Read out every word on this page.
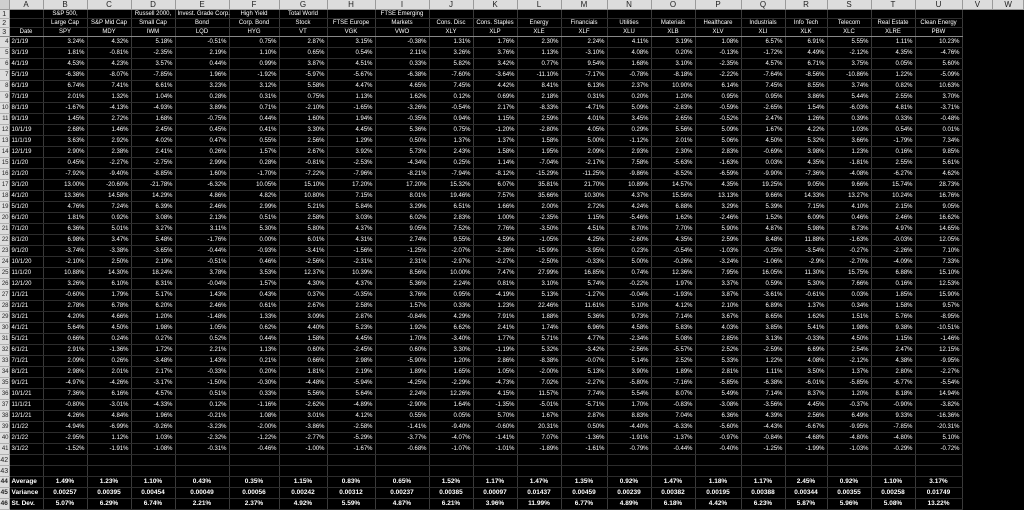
	A	B	C	D	E	F	G	H	I	J	K	L	M	N	O	P	Q	R	S	T	U	V	W
1		S&P 500,		Russell 2000,	Invest. Grade Corp.	High Yield	Total World		FTSE Emerging														
2		Large Cap	S&P Mid Cap	Small Cap	Bond	Corp. Bond	Stock	FTSE Europe	Markets	Cons. Disc	Cons. Staples	Energy	Financials	Utilities	Materials	Healthcare	Industrials	Info Tech	Telecom	Real Estate	Clean Energy		
3	Date	SPY	MDY	IWM	LQD	HYG	VT	VGK	VWO	XLY	XLP	XLE	XLF	XLU	XLB	XLV	XLI	XLK	XLC	XLRE	PBW		
4	2/1/19	3.24%	4.32%	5.18%	-0.51%	0.75%	2.87%	3.15%	-0.38%	1.31%	1.76%	2.30%	2.24%	4.11%	3.19%	1.08%	6.57%	6.91%	5.55%	1.11%	10.23%		
5	3/1/19	1.81%	-0.81%	-2.35%	2.19%	1.10%	0.65%	0.54%	2.11%	3.26%	3.76%	1.13%	-3.10%	4.08%	0.20%	-0.13%	-1.72%	4.49%	-2.12%	4.35%	-4.76%		
6	4/1/19	4.53%	4.23%	3.57%	0.44%	0.99%	3.87%	4.51%	0.33%	5.82%	3.42%	0.77%	9.54%	1.68%	3.10%	-2.35%	4.57%	6.71%	3.75%	0.05%	5.60%		
7	5/1/19	-6.38%	-8.07%	-7.85%	1.96%	-1.92%	-5.97%	-5.67%	-6.38%	-7.60%	-3.64%	-11.10%	-7.17%	-0.78%	-8.18%	-2.22%	-7.64%	-8.56%	-10.86%	1.22%	-5.09%		
8	6/1/19	6.74%	7.41%	6.61%	3.23%	3.12%	5.58%	4.47%	4.65%	7.45%	4.42%	8.41%	6.13%	2.37%	10.90%	6.14%	7.45%	8.55%	3.74%	0.82%	10.63%		
9	7/1/19	2.01%	1.32%	1.04%	0.28%	0.31%	0.75%	1.13%	1.62%	0.12%	0.69%	2.18%	0.31%	0.20%	1.20%	0.95%	0.95%	3.86%	5.44%	2.55%	3.70%		
10	8/1/19	-1.67%	-4.13%	-4.93%	3.89%	0.71%	-2.10%	-1.65%	-3.26%	-0.54%	2.17%	-8.33%	-4.71%	5.09%	-2.83%	-0.59%	-2.65%	1.54%	-6.03%	4.81%	-3.71%		
11	9/1/19	1.45%	2.72%	1.68%	-0.75%	0.44%	1.60%	1.94%	-0.35%	0.94%	1.15%	2.59%	4.01%	3.45%	2.65%	-0.52%	2.47%	1.26%	0.39%	0.33%	-0.48%		
12	10/1/19	2.68%	1.46%	2.45%	0.45%	0.41%	3.30%	4.45%	5.36%	0.75%	-1.20%	-2.80%	4.05%	0.29%	5.56%	5.09%	1.67%	4.22%	1.03%	0.54%	0.01%		
13	11/1/19	3.63%	2.92%	4.02%	0.47%	0.55%	2.56%	1.29%	0.50%	1.37%	1.37%	1.58%	5.00%	-1.12%	2.01%	5.06%	4.50%	5.32%	3.66%	-1.79%	7.34%		
14	12/1/19	2.90%	2.38%	2.41%	0.26%	1.57%	2.67%	3.92%	5.73%	2.43%	1.58%	1.95%	2.09%	2.93%	2.30%	2.83%	-0.69%	3.98%	1.23%	0.16%	9.85%		
15	1/1/20	0.45%	-2.27%	-2.75%	2.99%	0.28%	-0.81%	-2.53%	-4.34%	0.25%	1.14%	-7.04%	-2.17%	7.58%	-5.63%	-1.63%	0.03%	4.35%	-1.81%	2.55%	5.61%		
16	2/1/20	-7.92%	-9.40%	-8.85%	1.60%	-1.70%	-7.22%	-7.96%	-8.21%	-7.94%	-8.12%	-15.29%	-11.25%	-9.86%	-8.52%	-6.59%	-9.90%	-7.36%	-4.08%	-6.27%	4.62%		
17	3/1/20	13.00%	-20.60%	-21.78%	-6.32%	10.05%	15.10%	17.20%	17.20%	15.32%	6.07%	35.81%	21.70%	10.89%	14.57%	4.35%	19.25%	9.05%	9.66%	15.74%	28.73%		
18	4/1/20	13.36%	14.58%	14.29%	4.86%	4.82%	10.80%	7.15%	8.01%	19.46%	7.57%	35.66%	10.30%	4.37%	15.56%	13.13%	9.66%	14.33%	13.27%	10.24%	16.76%		
19	5/1/20	4.76%	7.24%	6.39%	2.46%	2.99%	5.21%	5.84%	3.29%	6.51%	1.66%	2.00%	2.72%	4.24%	6.88%	3.29%	5.39%	7.15%	4.10%	2.15%	9.05%		
20	6/1/20	1.81%	0.92%	3.08%	2.13%	0.51%	2.58%	3.03%	6.02%	2.83%	1.00%	-2.35%	1.15%	-5.46%	1.62%	-2.46%	1.52%	6.09%	0.46%	2.46%	16.62%		
21	7/1/20	6.36%	5.01%	3.27%	3.11%	5.30%	5.80%	4.37%	9.05%	7.52%	7.76%	-3.50%	4.51%	8.70%	7.70%	5.90%	4.87%	5.98%	8.73%	4.97%	14.65%		
22	8/1/20	6.98%	3.47%	5.48%	-1.76%	0.00%	6.01%	4.31%	2.74%	9.55%	4.59%	-1.05%	4.25%	-2.60%	4.35%	2.59%	8.48%	11.88%	-1.63%	-0.03%	12.05%		
23	9/1/20	-3.74%	-3.38%	-3.65%	-0.44%	-0.93%	-3.41%	-1.56%	-1.25%	-2.07%	-2.26%	-15.99%	-3.95%	0.23%	-0.54%	-1.03%	-0.25%	-3.54%	-0.27%	-2.26%	7.10%		
24	10/1/20	-2.10%	2.50%	2.19%	-0.51%	0.46%	-2.56%	-2.31%	2.31%	-2.97%	-2.27%	-2.50%	-0.33%	5.00%	-0.26%	-3.24%	-1.06%	-2.9%	-2.70%	-4.09%	7.33%		
25	11/1/20	10.88%	14.30%	18.24%	3.78%	3.53%	12.37%	10.39%	8.56%	10.00%	7.47%	27.99%	16.85%	0.74%	12.36%	7.95%	16.05%	11.30%	15.75%	6.88%	15.10%		
26	12/1/20	3.26%	6.10%	8.31%	-0.04%	1.57%	4.30%	4.37%	5.36%	2.24%	0.81%	3.10%	5.74%	-0.22%	1.97%	3.37%	0.59%	5.30%	7.66%	0.16%	12.53%		
27	1/1/21	-0.60%	1.79%	5.17%	1.43%	0.43%	0.37%	-0.35%	3.76%	0.95%	-4.19%	5.13%	-1.27%	-0.04%	-1.93%	3.87%	-3.61%	-0.61%	0.03%	1.85%	15.90%		
28	2/1/21	2.78%	6.78%	6.20%	2.46%	0.61%	2.67%	2.58%	1.57%	0.33%	1.23%	22.46%	11.61%	5.10%	4.12%	2.10%	6.89%	1.37%	0.34%	1.58%	9.57%		
29	3/1/21	4.20%	4.66%	1.20%	-1.48%	1.33%	3.09%	2.87%	-0.84%	4.29%	7.91%	1.88%	5.36%	9.73%	7.14%	3.67%	8.65%	1.62%	1.51%	5.76%	-8.95%		
30	4/1/21	5.64%	4.50%	1.98%	1.05%	0.62%	4.40%	5.23%	1.92%	6.62%	2.41%	1.74%	6.96%	4.58%	5.83%	4.03%	3.85%	5.41%	1.98%	9.38%	-10.51%		
31	5/1/21	0.66%	0.24%	0.27%	0.52%	0.44%	1.58%	4.45%	1.70%	-3.40%	1.77%	5.71%	4.77%	-2.34%	5.08%	2.85%	3.13%	-0.33%	4.50%	1.15%	-1.46%		
32	6/1/21	2.91%	-1.36%	1.72%	2.21%	1.13%	0.60%	-2.45%	0.60%	3.30%	-1.19%	5.32%	-3.42%	-2.56%	-5.57%	2.52%	-2.59%	6.69%	2.54%	2.47%	12.15%		
33	7/1/21	2.09%	0.26%	-3.48%	1.43%	0.21%	0.66%	2.98%	-5.90%	1.20%	2.86%	-8.38%	-0.07%	5.14%	2.52%	5.33%	1.22%	4.08%	-2.12%	4.38%	-9.95%		
34	8/1/21	2.98%	2.01%	2.17%	-0.33%	0.20%	1.81%	2.19%	1.89%	1.65%	1.05%	-2.00%	5.13%	3.90%	1.89%	2.81%	1.11%	3.50%	1.37%	2.80%	-2.27%		
35	9/1/21	-4.97%	-4.26%	-3.17%	-1.50%	-0.30%	-4.48%	-5.94%	-4.25%	-2.29%	-4.73%	7.02%	-2.27%	-5.80%	-7.16%	-5.85%	-6.38%	-6.01%	-5.85%	-6.77%	-5.54%		
36	10/1/21	7.36%	6.16%	4.57%	0.51%	0.33%	5.56%	5.64%	2.24%	12.26%	4.15%	11.57%	7.74%	5.54%	8.07%	5.49%	7.14%	8.37%	1.20%	8.18%	14.94%		
37	11/1/21	-0.80%	-3.01%	-4.33%	0.12%	-1.16%	-2.62%	-4.89%	-2.90%	1.64%	-1.35%	-5.01%	-5.71%	1.70%	-0.83%	-3.08%	-3.56%	4.45%	-0.37%	-0.90%	-3.82%		
38	12/1/21	4.26%	4.84%	1.96%	-0.21%	1.08%	3.01%	4.12%	0.55%	0.05%	5.70%	1.67%	2.87%	8.83%	7.04%	6.36%	4.39%	2.56%	6.49%	9.33%	-16.36%		
39	1/1/22	-4.94%	-6.99%	-9.26%	-3.23%	-2.00%	-3.86%	-2.58%	-1.41%	-9.40%	-0.60%	20.31%	0.50%	-4.40%	-6.33%	-5.60%	-4.43%	-6.67%	-9.95%	-7.85%	-20.31%		
40	2/1/22	-2.95%	1.12%	1.03%	-2.32%	-1.22%	-2.77%	-5.29%	-3.77%	-4.07%	-1.41%	7.07%	-1.36%	-1.91%	-1.37%	-0.97%	-0.84%	-4.68%	-4.80%	-4.80%	5.10%		
41	3/1/22	-1.52%	-1.91%	-1.08%	-0.31%	-0.46%	-1.00%	-1.67%	-0.68%	-1.07%	-1.01%	-1.89%	-1.61%	-0.79%	-0.44%	-0.40%	-1.25%	-1.99%	-1.03%	-0.29%	-0.72%		
42																							
43																							
44	Average	1.49%	1.23%	1.10%	0.43%	0.35%	1.15%	0.83%	0.65%	1.52%	1.17%	1.47%	1.35%	0.92%	1.47%	1.18%	1.17%	2.45%	0.92%	1.10%	3.17%		
45	Variance	0.00257	0.00395	0.00454	0.00049	0.00056	0.00242	0.00312	0.00237	0.00385	0.00097	0.01437	0.00459	0.00239	0.00382	0.00195	0.00388	0.00344	0.00355	0.00258	0.01749		
46	St. Dev.	5.07%	6.29%	6.74%	2.21%	2.37%	4.92%	5.59%	4.87%	6.21%	3.96%	11.99%	6.77%	4.89%	6.18%	4.42%	6.23%	5.87%	5.96%	5.08%	13.22%		
